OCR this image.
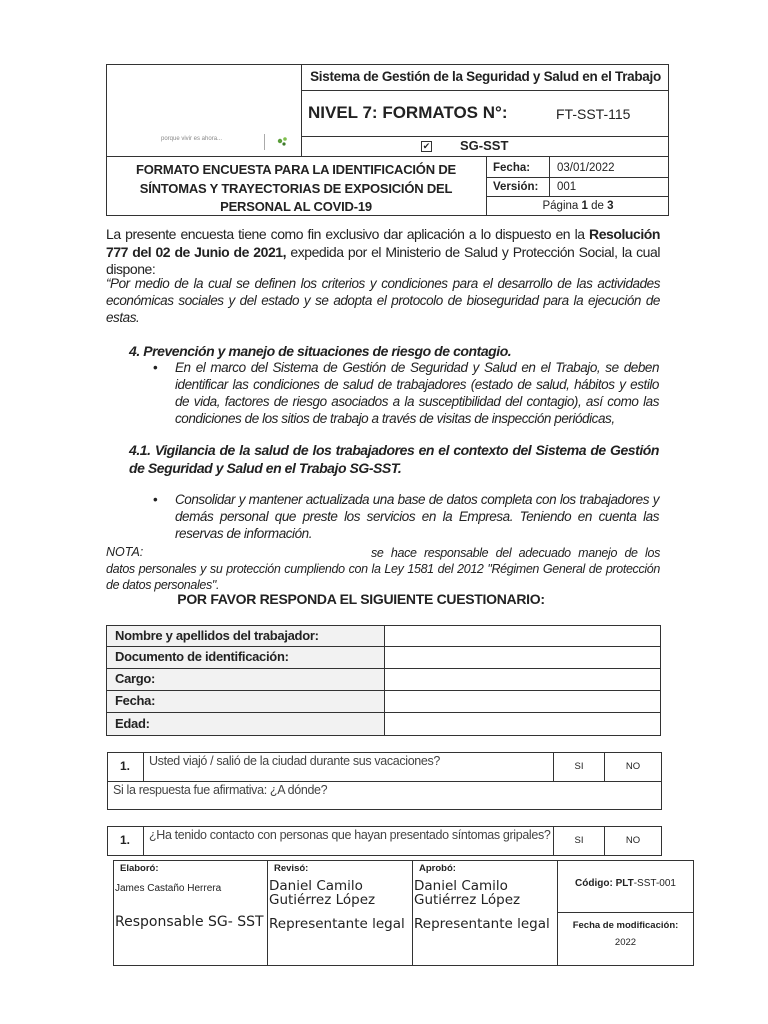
porque vivir es ahora...
Sistema de Gestión de la Seguridad y Salud en el Trabajo
NIVEL 7: FORMATOS N°:	FT-SST-115
✔ SG-SST
FORMATO ENCUESTA PARA LA IDENTIFICACIÓN DE SÍNTOMAS Y TRAYECTORIAS DE EXPOSICIÓN DEL PERSONAL AL COVID-19
Fecha: 03/01/2022
Versión: 001
Página 1 de 3
La presente encuesta tiene como fin exclusivo dar aplicación a lo dispuesto en la Resolución 777 del 02 de Junio de 2021, expedida por el Ministerio de Salud y Protección Social, la cual dispone:
“Por medio de la cual se definen los criterios y condiciones para el desarrollo de las actividades económicas sociales y del estado y se adopta el protocolo de bioseguridad para la ejecución de estas.
4. Prevención y manejo de situaciones de riesgo de contagio.
• En el marco del Sistema de Gestión de Seguridad y Salud en el Trabajo, se deben identificar las condiciones de salud de trabajadores (estado de salud, hábitos y estilo de vida, factores de riesgo asociados a la susceptibilidad del contagio), así como las condiciones de los sitios de trabajo a través de visitas de inspección periódicas,
4.1. Vigilancia de la salud de los trabajadores en el contexto del Sistema de Gestión de Seguridad y Salud en el Trabajo SG-SST.
• Consolidar y mantener actualizada una base de datos completa con los trabajadores y demás personal que preste los servicios en la Empresa. Teniendo en cuenta las reservas de información.
NOTA:	se hace responsable del adecuado manejo de los datos personales y su protección cumpliendo con la Ley 1581 del 2012 "Régimen General de protección de datos personales".
POR FAVOR RESPONDA EL SIGUIENTE CUESTIONARIO:
Nombre y apellidos del trabajador:
Documento de identificación:
Cargo:
Fecha:
Edad:
1. Usted viajó / salió de la ciudad durante sus vacaciones?	SI	NO
Si la respuesta fue afirmativa: ¿A dónde?
1. ¿Ha tenido contacto con personas que hayan presentado síntomas gripales?	SI	NO
Elaboró:
James Castaño Herrera
Responsable SG- SST
Revisó:
Daniel Camilo Gutiérrez López
Representante legal
Aprobó:
Daniel Camilo Gutiérrez López
Representante legal
Código: PLT-SST-001
Fecha de modificación:
2022
